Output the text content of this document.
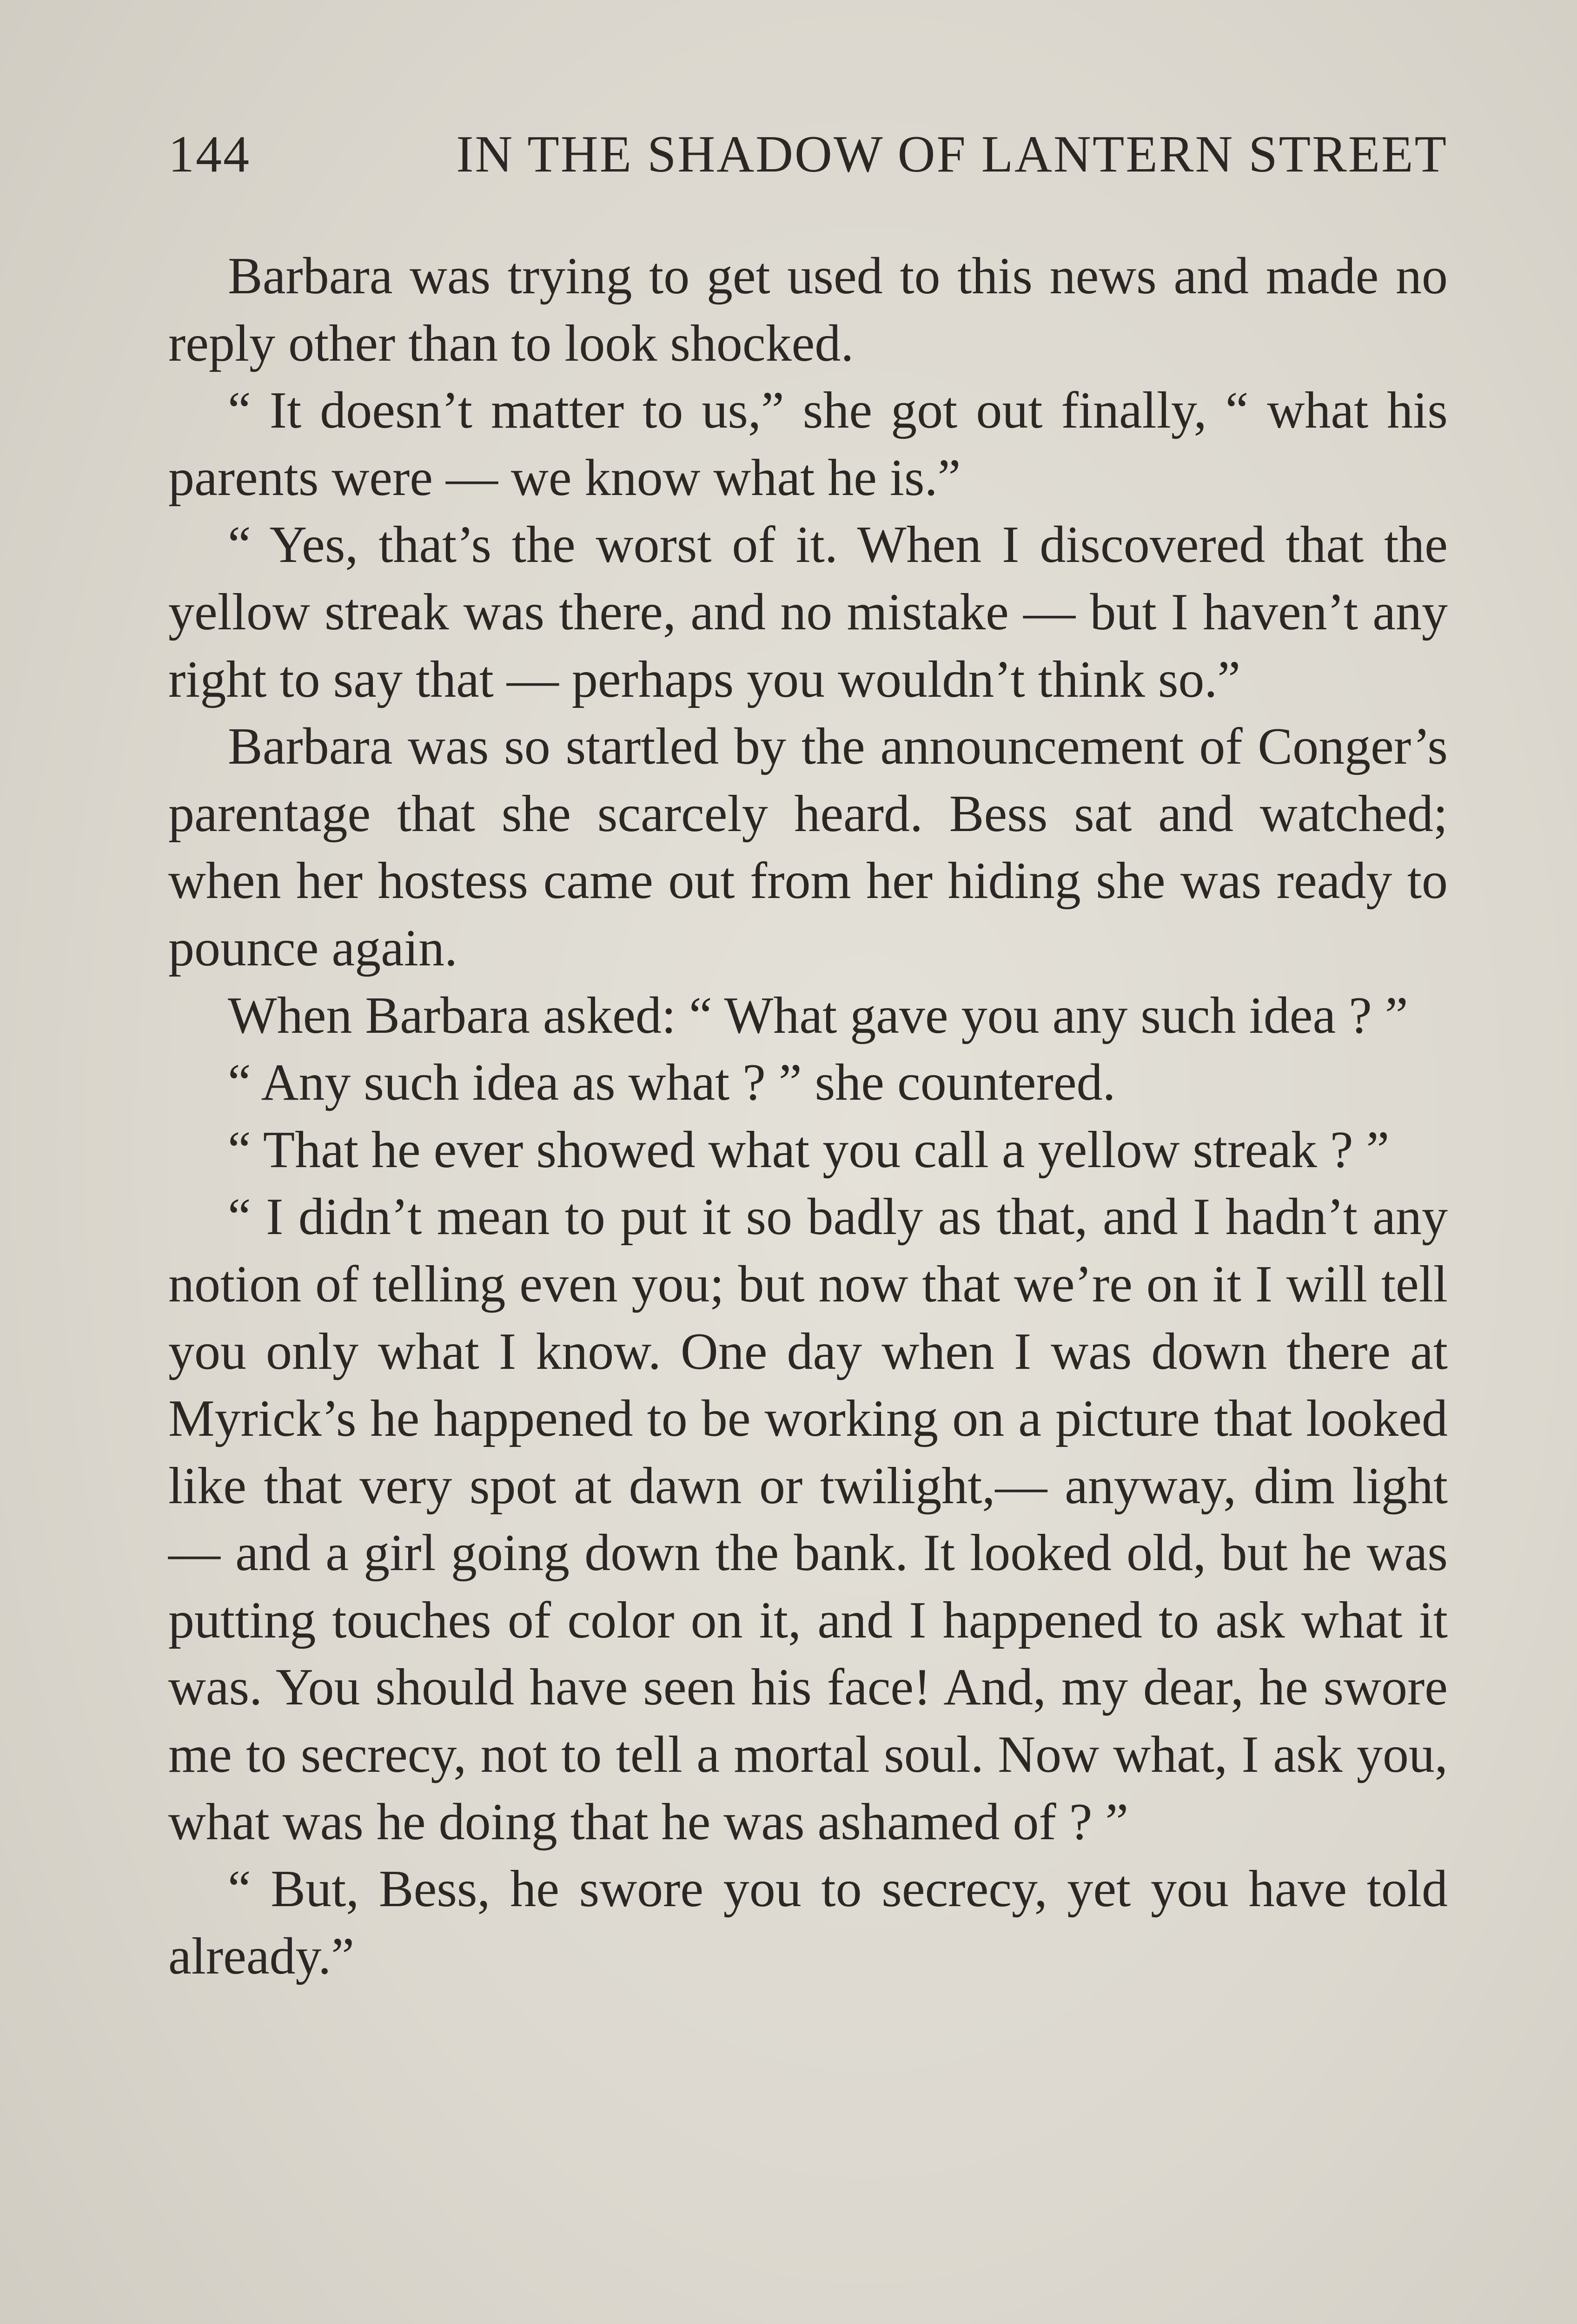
144	IN THE SHADOW OF LANTERN STREET

Barbara was trying to get used to this news and made no reply other than to look shocked.

“ It doesn’t matter to us,” she got out finally, “ what his parents were — we know what he is.”

“ Yes, that’s the worst of it. When I discovered that the yellow streak was there, and no mistake — but I haven’t any right to say that — perhaps you wouldn’t think so.”

Barbara was so startled by the announcement of Conger’s parentage that she scarcely heard. Bess sat and watched; when her hostess came out from her hiding she was ready to pounce again.

When Barbara asked: “ What gave you any such idea ? ”

“ Any such idea as what ? ” she countered.

“ That he ever showed what you call a yellow streak ? ”

“ I didn’t mean to put it so badly as that, and I hadn’t any notion of telling even you; but now that we’re on it I will tell you only what I know. One day when I was down there at Myrick’s he happened to be working on a picture that looked like that very spot at dawn or twilight,— anyway, dim light — and a girl going down the bank. It looked old, but he was putting touches of color on it, and I happened to ask what it was. You should have seen his face! And, my dear, he swore me to secrecy, not to tell a mortal soul. Now what, I ask you, what was he doing that he was ashamed of ? ”

“ But, Bess, he swore you to secrecy, yet you have told already.”
